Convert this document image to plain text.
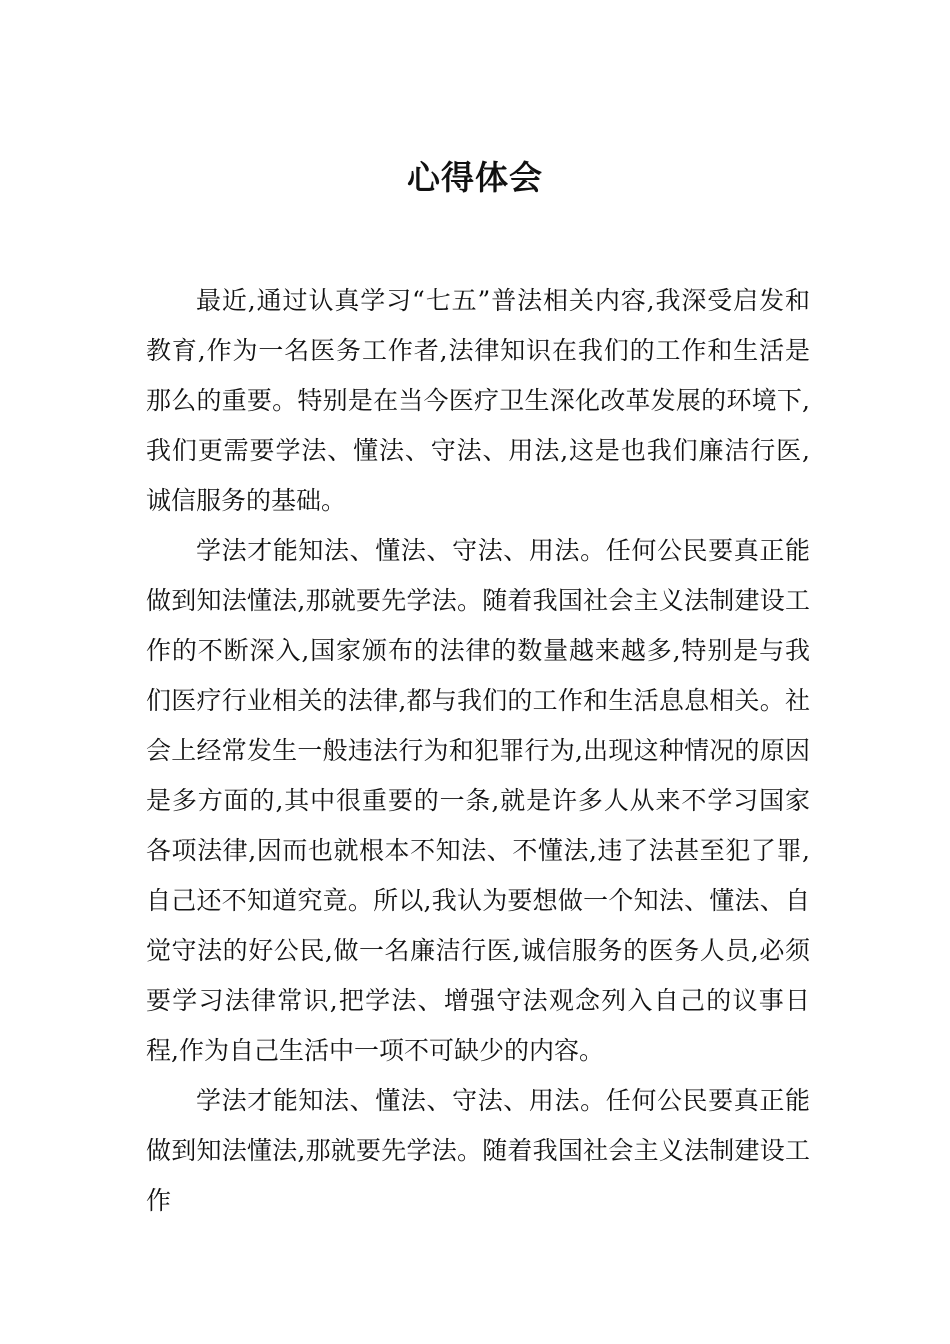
心得体会

最近,通过认真学习“七五”普法相关内容,我深受启发和教育,作为一名医务工作者,法律知识在我们的工作和生活是那么的重要。特别是在当今医疗卫生深化改革发展的环境下,我们更需要学法、懂法、守法、用法,这是也我们廉洁行医,诚信服务的基础。

学法才能知法、懂法、守法、用法。任何公民要真正能做到知法懂法,那就要先学法。随着我国社会主义法制建设工作的不断深入,国家颁布的法律的数量越来越多,特别是与我们医疗行业相关的法律,都与我们的工作和生活息息相关。社会上经常发生一般违法行为和犯罪行为,出现这种情况的原因是多方面的,其中很重要的一条,就是许多人从来不学习国家各项法律,因而也就根本不知法、不懂法,违了法甚至犯了罪,自己还不知道究竟。所以,我认为要想做一个知法、懂法、自觉守法的好公民,做一名廉洁行医,诚信服务的医务人员,必须要学习法律常识,把学法、增强守法观念列入自己的议事日程,作为自己生活中一项不可缺少的内容。

学法才能知法、懂法、守法、用法。任何公民要真正能做到知法懂法,那就要先学法。随着我国社会主义法制建设工作
